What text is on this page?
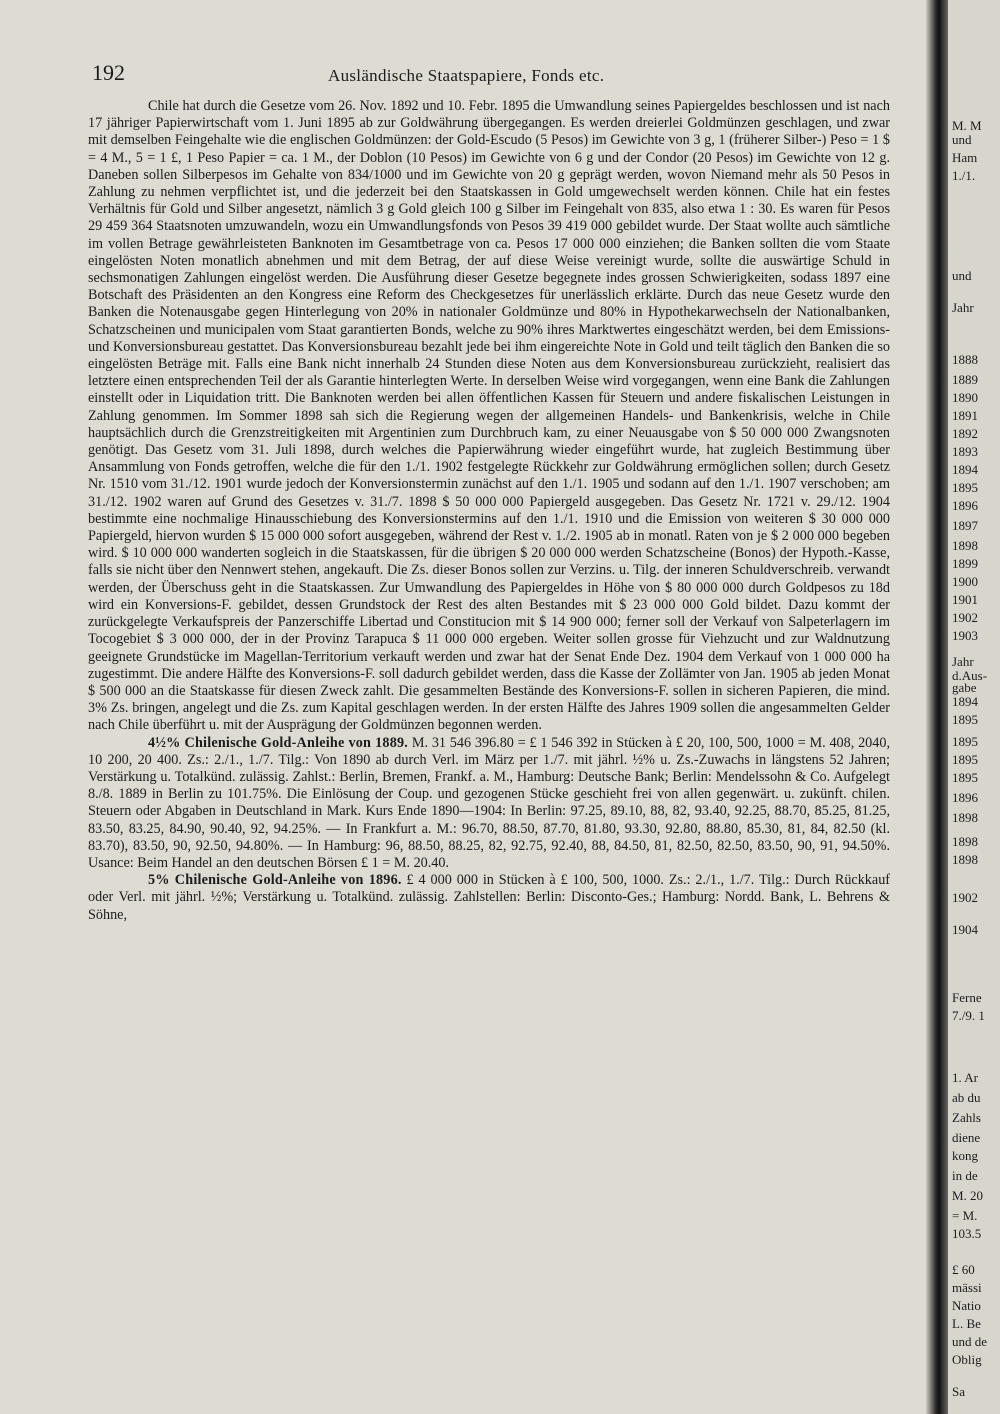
192	Ausländische Staatspapiere, Fonds etc.

Chile hat durch die Gesetze vom 26. Nov. 1892 und 10. Febr. 1895 die Umwandlung seines Papiergeldes beschlossen und ist nach 17 jähriger Papierwirtschaft vom 1. Juni 1895 ab zur Goldwährung übergegangen. Es werden dreierlei Goldmünzen geschlagen, und zwar mit demselben Feingehalte wie die englischen Goldmünzen: der Gold-Escudo (5 Pesos) im Gewichte von 3 g, 1 (früherer Silber-) Peso = 1 $ = 4 M., 5 = 1 £, 1 Peso Papier = ca. 1 M., der Doblon (10 Pesos) im Gewichte von 6 g und der Condor (20 Pesos) im Gewichte von 12 g. Daneben sollen Silberpesos im Gehalte von 834/1000 und im Gewichte von 20 g geprägt werden, wovon Niemand mehr als 50 Pesos in Zahlung zu nehmen verpflichtet ist, und die jederzeit bei den Staatskassen in Gold umgewechselt werden können. Chile hat ein festes Verhältnis für Gold und Silber angesetzt, nämlich 3 g Gold gleich 100 g Silber im Feingehalt von 835, also etwa 1 : 30. Es waren für Pesos 29 459 364 Staatsnoten umzuwandeln, wozu ein Umwandlungsfonds von Pesos 39 419 000 gebildet wurde. Der Staat wollte auch sämtliche im vollen Betrage gewährleisteten Banknoten im Gesamtbetrage von ca. Pesos 17 000 000 einziehen; die Banken sollten die vom Staate eingelösten Noten monatlich abnehmen und mit dem Betrag, der auf diese Weise vereinigt wurde, sollte die auswärtige Schuld in sechsmonatigen Zahlungen eingelöst werden. Die Ausführung dieser Gesetze begegnete indes grossen Schwierigkeiten, sodass 1897 eine Botschaft des Präsidenten an den Kongress eine Reform des Checkgesetzes für unerlässlich erklärte. Durch das neue Gesetz wurde den Banken die Notenausgabe gegen Hinterlegung von 20% in nationaler Goldmünze und 80% in Hypothekarwechseln der Nationalbanken, Schatzscheinen und municipalen vom Staat garantierten Bonds, welche zu 90% ihres Marktwertes eingeschätzt werden, bei dem Emissions- und Konversionsbureau gestattet. Das Konversionsbureau bezahlt jede bei ihm eingereichte Note in Gold und teilt täglich den Banken die so eingelösten Beträge mit. Falls eine Bank nicht innerhalb 24 Stunden diese Noten aus dem Konversionsbureau zurückzieht, realisiert das letztere einen entsprechenden Teil der als Garantie hinterlegten Werte. In derselben Weise wird vorgegangen, wenn eine Bank die Zahlungen einstellt oder in Liquidation tritt. Die Banknoten werden bei allen öffentlichen Kassen für Steuern und andere fiskalischen Leistungen in Zahlung genommen. Im Sommer 1898 sah sich die Regierung wegen der allgemeinen Handels- und Bankenkrisis, welche in Chile hauptsächlich durch die Grenzstreitigkeiten mit Argentinien zum Durchbruch kam, zu einer Neuausgabe von $ 50 000 000 Zwangsnoten genötigt. Das Gesetz vom 31. Juli 1898, durch welches die Papierwährung wieder eingeführt wurde, hat zugleich Bestimmung über Ansammlung von Fonds getroffen, welche die für den 1./1. 1902 festgelegte Rückkehr zur Goldwährung ermöglichen sollen; durch Gesetz Nr. 1510 vom 31./12. 1901 wurde jedoch der Konversionstermin zunächst auf den 1./1. 1905 und sodann auf den 1./1. 1907 verschoben; am 31./12. 1902 waren auf Grund des Gesetzes v. 31./7. 1898 $ 50 000 000 Papiergeld ausgegeben. Das Gesetz Nr. 1721 v. 29./12. 1904 bestimmte eine nochmalige Hinausschiebung des Konversionstermins auf den 1./1. 1910 und die Emission von weiteren $ 30 000 000 Papiergeld, hiervon wurden $ 15 000 000 sofort ausgegeben, während der Rest v. 1./2. 1905 ab in monatl. Raten von je $ 2 000 000 begeben wird. $ 10 000 000 wanderten sogleich in die Staatskassen, für die übrigen $ 20 000 000 werden Schatzscheine (Bonos) der Hypoth.-Kasse, falls sie nicht über den Nennwert stehen, angekauft. Die Zs. dieser Bonos sollen zur Verzins. u. Tilg. der inneren Schuldverschreib. verwandt werden, der Überschuss geht in die Staatskassen. Zur Umwandlung des Papiergeldes in Höhe von $ 80 000 000 durch Goldpesos zu 18d wird ein Konversions-F. gebildet, dessen Grundstock der Rest des alten Bestandes mit $ 23 000 000 Gold bildet. Dazu kommt der zurückgelegte Verkaufspreis der Panzerschiffe Libertad und Constitucion mit $ 14 900 000; ferner soll der Verkauf von Salpeterlagern im Tocogebiet $ 3 000 000, der in der Provinz Tarapuca $ 11 000 000 ergeben. Weiter sollen grosse für Viehzucht und zur Waldnutzung geeignete Grundstücke im Magellan-Territorium verkauft werden und zwar hat der Senat Ende Dez. 1904 dem Verkauf von 1 000 000 ha zugestimmt. Die andere Hälfte des Konversions-F. soll dadurch gebildet werden, dass die Kasse der Zollämter von Jan. 1905 ab jeden Monat $ 500 000 an die Staatskasse für diesen Zweck zahlt. Die gesammelten Bestände des Konversions-F. sollen in sicheren Papieren, die mind. 3% Zs. bringen, angelegt und die Zs. zum Kapital geschlagen werden. In der ersten Hälfte des Jahres 1909 sollen die angesammelten Gelder nach Chile überführt u. mit der Ausprägung der Goldmünzen begonnen werden.

4½% Chilenische Gold-Anleihe von 1889. M. 31 546 396.80 = £ 1 546 392 in Stücken à £ 20, 100, 500, 1000 = M. 408, 2040, 10 200, 20 400. Zs.: 2./1., 1./7. Tilg.: Von 1890 ab durch Verl. im März per 1./7. mit jährl. ½% u. Zs.-Zuwachs in längstens 52 Jahren; Verstärkung u. Totalkünd. zulässig. Zahlst.: Berlin, Bremen, Frankf. a. M., Hamburg: Deutsche Bank; Berlin: Mendelssohn & Co. Aufgelegt 8./8. 1889 in Berlin zu 101.75%. Die Einlösung der Coup. und gezogenen Stücke geschieht frei von allen gegenwärt. u. zukünft. chilen. Steuern oder Abgaben in Deutschland in Mark. Kurs Ende 1890—1904: In Berlin: 97.25, 89.10, 88, 82, 93.40, 92.25, 88.70, 85.25, 81.25, 83.50, 83.25, 84.90, 90.40, 92, 94.25%. — In Frankfurt a. M.: 96.70, 88.50, 87.70, 81.80, 93.30, 92.80, 88.80, 85.30, 81, 84, 82.50 (kl. 83.70), 83.50, 90, 92.50, 94.80%. — In Hamburg: 96, 88.50, 88.25, 82, 92.75, 92.40, 88, 84.50, 81, 82.50, 82.50, 83.50, 90, 91, 94.50%. Usance: Beim Handel an den deutschen Börsen £ 1 = M. 20.40.

5% Chilenische Gold-Anleihe von 1896. £ 4 000 000 in Stücken à £ 100, 500, 1000. Zs.: 2./1., 1./7. Tilg.: Durch Rückkauf oder Verl. mit jährl. ½%; Verstärkung u. Totalkünd. zulässig. Zahlstellen: Berlin: Disconto-Ges.; Hamburg: Nordd. Bank, L. Behrens & Söhne,

M. M
und
Ham
1./1.
und
Jahr
1888
1889
1890
1891
1892
1893
1894
1895
1896
1897
1898
1899
1900
1901
1902
1903
Jahr
d.Aus-
gabe
1894
1895
1895
1895
1895
1896
1898
1898
1898
1902
1904
Ferne
7./9. 1
1. Ar
ab du
Zahls
diene
kong
in de
M. 20
= M.
103.5
£ 60
mässi
Natio
L. Be
und de
Oblig
Sa
